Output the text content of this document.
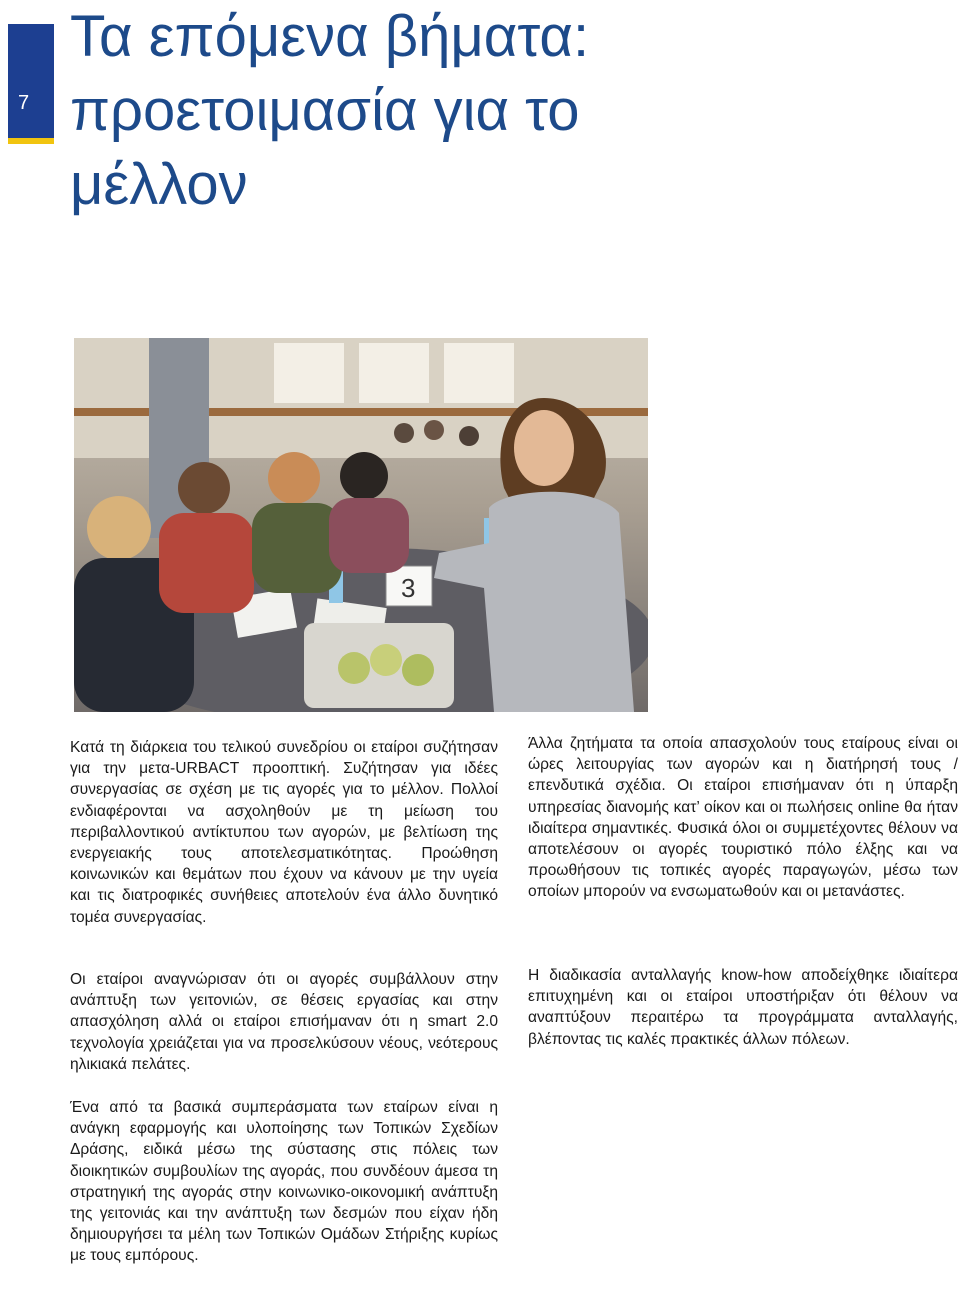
7
Τα επόμενα βήματα: προετοιμασία για το μέλλον
3

Κατά τη διάρκεια του τελικού συνεδρίου οι εταίροι συζήτησαν για την μετα-URBACT προοπτική. Συζήτησαν για ιδέες συνεργασίας σε σχέση με τις αγορές για το μέλλον. Πολλοί ενδιαφέρονται να ασχοληθούν με τη μείωση του περιβαλλοντικού αντίκτυπου των αγορών, με βελτίωση της ενεργειακής τους αποτελεσματικότητας. Προώθηση κοινωνικών και θεμάτων που έχουν να κάνουν με την υγεία και τις διατροφικές συνήθειες αποτελούν ένα άλλο δυνητικό τομέα συνεργασίας.

Οι εταίροι αναγνώρισαν ότι οι αγορές συμβάλλουν στην ανάπτυξη των γειτονιών, σε θέσεις εργασίας και στην απασχόληση αλλά οι εταίροι επισήμαναν ότι η smart 2.0 τεχνολογία χρειάζεται για να προσελκύσουν νέους, νεότερους ηλικιακά πελάτες.

Ένα από τα βασικά συμπεράσματα των εταίρων είναι η ανάγκη εφαρμογής και υλοποίησης των Τοπικών Σχεδίων Δράσης, ειδικά μέσω της σύστασης στις πόλεις των διοικητικών συμβουλίων της αγοράς, που συνδέουν άμεσα τη στρατηγική της αγοράς στην κοινωνικο-οικονομική ανάπτυξη της γειτονιάς και την ανάπτυξη των δεσμών που είχαν ήδη δημιουργήσει τα μέλη των Τοπικών Ομάδων Στήριξης κυρίως με τους εμπόρους.

Άλλα ζητήματα τα οποία απασχολούν τους εταίρους είναι οι ώρες λειτουργίας των αγορών και η διατήρησή τους / επενδυτικά σχέδια. Οι εταίροι επισήμαναν ότι η ύπαρξη υπηρεσίας διανομής κατ’ οίκον και οι πωλήσεις online θα ήταν ιδιαίτερα σημαντικές. Φυσικά όλοι οι συμμετέχοντες θέλουν να αποτελέσουν οι αγορές τουριστικό πόλο έλξης και να προωθήσουν τις τοπικές αγορές παραγωγών, μέσω των οποίων μπορούν να ενσωματωθούν και οι μετανάστες.

Η διαδικασία ανταλλαγής know-how αποδείχθηκε ιδιαίτερα επιτυχημένη και οι εταίροι υποστήριξαν ότι θέλουν να αναπτύξουν περαιτέρω τα προγράμματα ανταλλαγής, βλέποντας τις καλές πρακτικές άλλων πόλεων.
